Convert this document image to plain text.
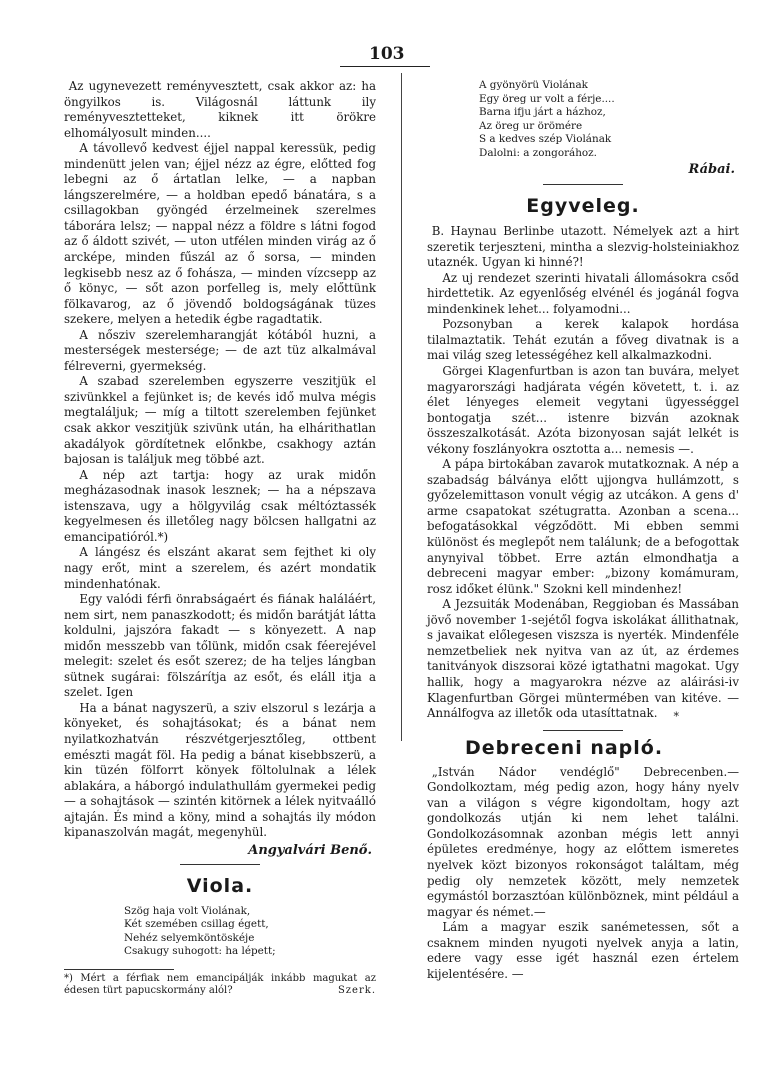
103

Az ugynevezett reményvesztett, csak akkor az: ha öngyilkos is. Világosnál láttunk ily reményvesztetteket, kiknek itt örökre elhomályosult minden....

A távollevő kedvest éjjel nappal keressük, pedig mindenütt jelen van; éjjel nézz az égre, előtted fog lebegni az ő ártatlan lelke, — a napban lángszerelmére, — a holdban epedő bánatára, s a csillagokban gyöngéd érzelmeinek szerelmes táborára lelsz; — nappal nézz a földre s látni fogod az ő áldott szivét, — uton utfélen minden virág az ő arcképe, minden fűszál az ő sorsa, — minden legkisebb nesz az ő fohásza, — minden vízcsepp az ő könyc, — sőt azon porfelleg is, mely előttünk fölkavarog, az ő jövendő boldogságának tüzes szekere, melyen a hetedik égbe ragadtatik.

A nősziv szerelemharangját kótából huzni, a mesterségek mestersége; — de azt tüz alkalmával félreverni, gyermekség.

A szabad szerelemben egyszerre veszitjük el szivünkkel a fejünket is; de kevés idő mulva mégis megtaláljuk; — míg a tiltott szerelemben fejünket csak akkor veszitjük szivünk után, ha elhárithatlan akadályok gördítetnek előnkbe, csakhogy aztán bajosan is találjuk meg többé azt.

A nép azt tartja: hogy az urak midőn megházasodnak inasok lesznek; — ha a népszava istenszava, ugy a hölgyvilág csak méltóztassék kegyelmesen és illetőleg nagy bölcsen hallgatni az emancipatióról.*)

A lángész és elszánt akarat sem fejthet ki oly nagy erőt, mint a szerelem, és azért mondatik mindenhatónak.

Egy valódi férfi önrabságaért és fiának haláláért, nem sirt, nem panaszkodott; és midőn barátját látta koldulni, jajszóra fakadt — s könyezett. A nap midőn messzebb van tőlünk, midőn csak féerejével melegit: szelet és esőt szerez; de ha teljes lángban sütnek sugárai: fölszárítja az esőt, és eláll itja a szelet. Igen

Ha a bánat nagyszerü, a sziv elszorul s lezárja a könyeket, és sohajtásokat; és a bánat nem nyilatkozhatván részvétgerjesztőleg, ottbent emészti magát föl. Ha pedig a bánat kisebbszerü, a kin tüzén fölforrt könyek föltolulnak a lélek ablakára, a háborgó indulathullám gyermekei pedig — a sohajtások — szintén kitörnek a lélek nyitvaálló ajtaján. És mind a köny, mind a sohajtás ily módon kipanaszolván magát, megenyhül.

Angyalvári Benő.
Viola.
Szög haja volt Violának,
Két szemében csillag égett,
Nehéz selyemköntöskéje
Csakugy suhogott: ha lépett;
*) Mért a férfiak nem emancipálják inkább magukat az édesen türt papucskormány alól?	Szerk.
A gyönyörü Violának
Egy öreg ur volt a férje....
Barna ifju járt a házhoz,
Az öreg ur örömére
S a kedves szép Violának
Dalolni: a zongorához.
Rábai.
Egyveleg.

B. Haynau Berlinbe utazott. Némelyek azt a hirt szeretik terjeszteni, mintha a slezvig-holsteiniakhoz utaznék. Ugyan ki hinné?!

Az uj rendezet szerinti hivatali állomásokra csőd hirdettetik. Az egyenlőség elvénél és jogánál fogva mindenkinek lehet... folyamodni...

Pozsonyban a kerek kalapok hordása tilalmaztatik. Tehát ezután a főveg divatnak is a mai világ szeg letességéhez kell alkalmazkodni.

Görgei Klagenfurtban is azon tan buvára, melyet magyarországi hadjárata végén követett, t. i. az élet lényeges elemeit vegytani ügyességgel bontogatja szét... istenre bizván azoknak összeszalkotását. Azóta bizonyosan saját lelkét is vékony foszlányokra osztotta a... nemesis —.

A pápa birtokában zavarok mutatkoznak. A nép a szabadság bálványa előtt ujjongva hullámzott, s győzelemittason vonult végig az utcákon. A gens d' arme csapatokat szétugratta. Azonban a scena... befogatásokkal végződött. Mi ebben semmi különöst és meglepőt nem találunk; de a befogottak anynyival többet. Erre aztán elmondhatja a debreceni magyar ember: „bizony komámuram, rosz időket élünk." Szokni kell mindenhez!

A Jezsuiták Modenában, Reggioban és Massában jövő november 1-sejétől fogva iskolákat állithatnak, s javaikat előlegesen viszsza is nyerték. Mindenféle nemzetbeliek nek nyitva van az út, az érdemes tanitványok diszsorai közé igtathatni magokat. Ugy hallik, hogy a magyarokra nézve az aláirási-iv Klagenfurtban Görgei müntermében van kitéve. — Annálfogva az illetők oda utasíttatnak.	*
Debreceni napló.

„István Nádor vendéglő" Debrecenben.— Gondolkoztam, még pedig azon, hogy hány nyelv van a világon s végre kigondoltam, hogy azt gondolkozás utján ki nem lehet találni. Gondolkozásomnak azonban mégis lett annyi épületes eredménye, hogy az előttem ismeretes nyelvek közt bizonyos rokonságot találtam, még pedig oly nemzetek között, mely nemzetek egymástól borzasztóan különböznek, mint például a magyar és német.—

Lám a magyar eszik sanémetessen, sőt a csaknem minden nyugoti nyelvek anyja a latin, edere vagy esse igét használ ezen értelem kijelentésére. —
